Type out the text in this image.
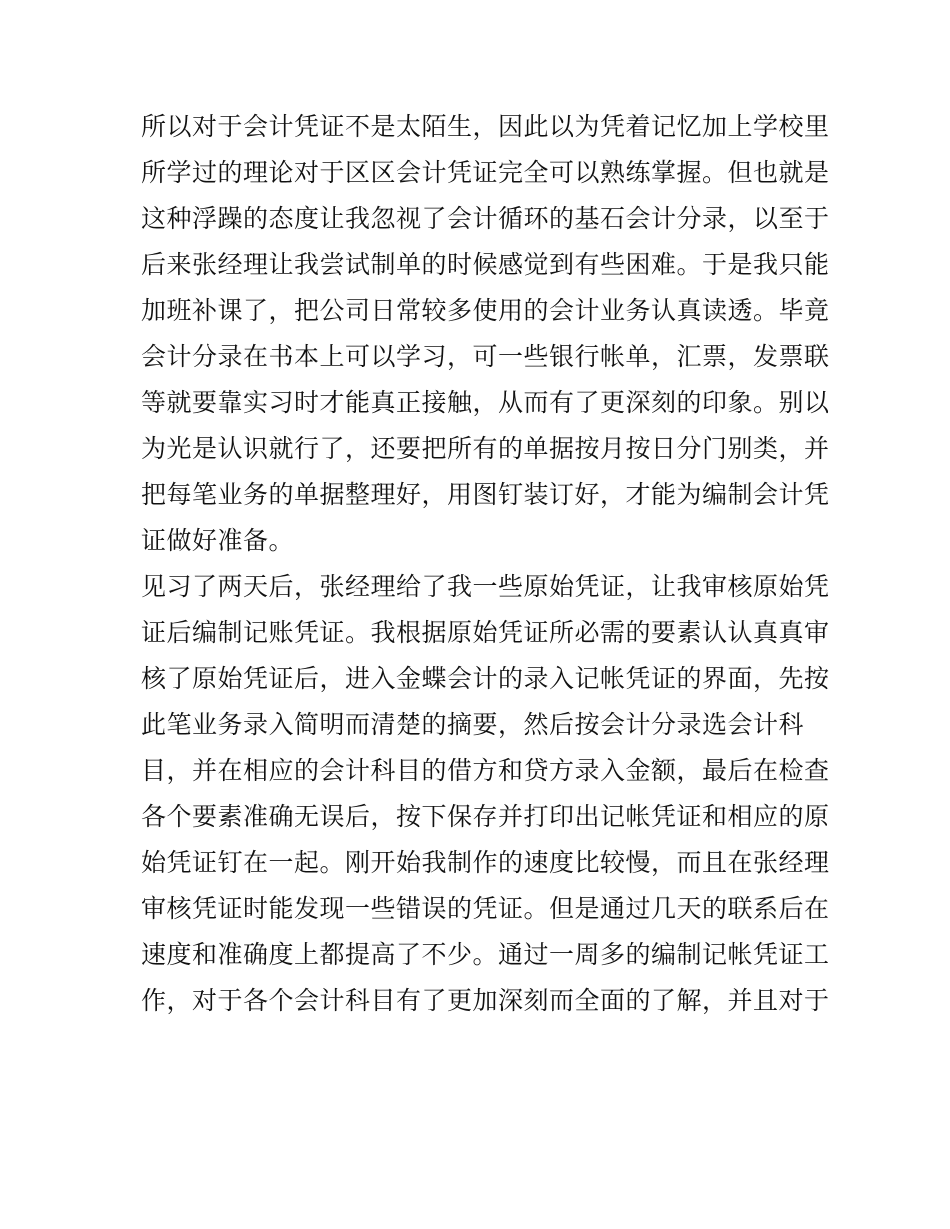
所以对于会计凭证不是太陌生，因此以为凭着记忆加上学校里
所学过的理论对于区区会计凭证完全可以熟练掌握。但也就是
这种浮躁的态度让我忽视了会计循环的基石会计分录，以至于
后来张经理让我尝试制单的时候感觉到有些困难。于是我只能
加班补课了，把公司日常较多使用的会计业务认真读透。毕竟
会计分录在书本上可以学习，可一些银行帐单，汇票，发票联
等就要靠实习时才能真正接触，从而有了更深刻的印象。别以
为光是认识就行了，还要把所有的单据按月按日分门别类，并
把每笔业务的单据整理好，用图钉装订好，才能为编制会计凭
证做好准备。
见习了两天后，张经理给了我一些原始凭证，让我审核原始凭
证后编制记账凭证。我根据原始凭证所必需的要素认认真真审
核了原始凭证后，进入金蝶会计的录入记帐凭证的界面，先按
此笔业务录入简明而清楚的摘要，然后按会计分录选会计科
目，并在相应的会计科目的借方和贷方录入金额，最后在检查
各个要素准确无误后，按下保存并打印出记帐凭证和相应的原
始凭证钉在一起。刚开始我制作的速度比较慢，而且在张经理
审核凭证时能发现一些错误的凭证。但是通过几天的联系后在
速度和准确度上都提高了不少。通过一周多的编制记帐凭证工
作，对于各个会计科目有了更加深刻而全面的了解，并且对于
